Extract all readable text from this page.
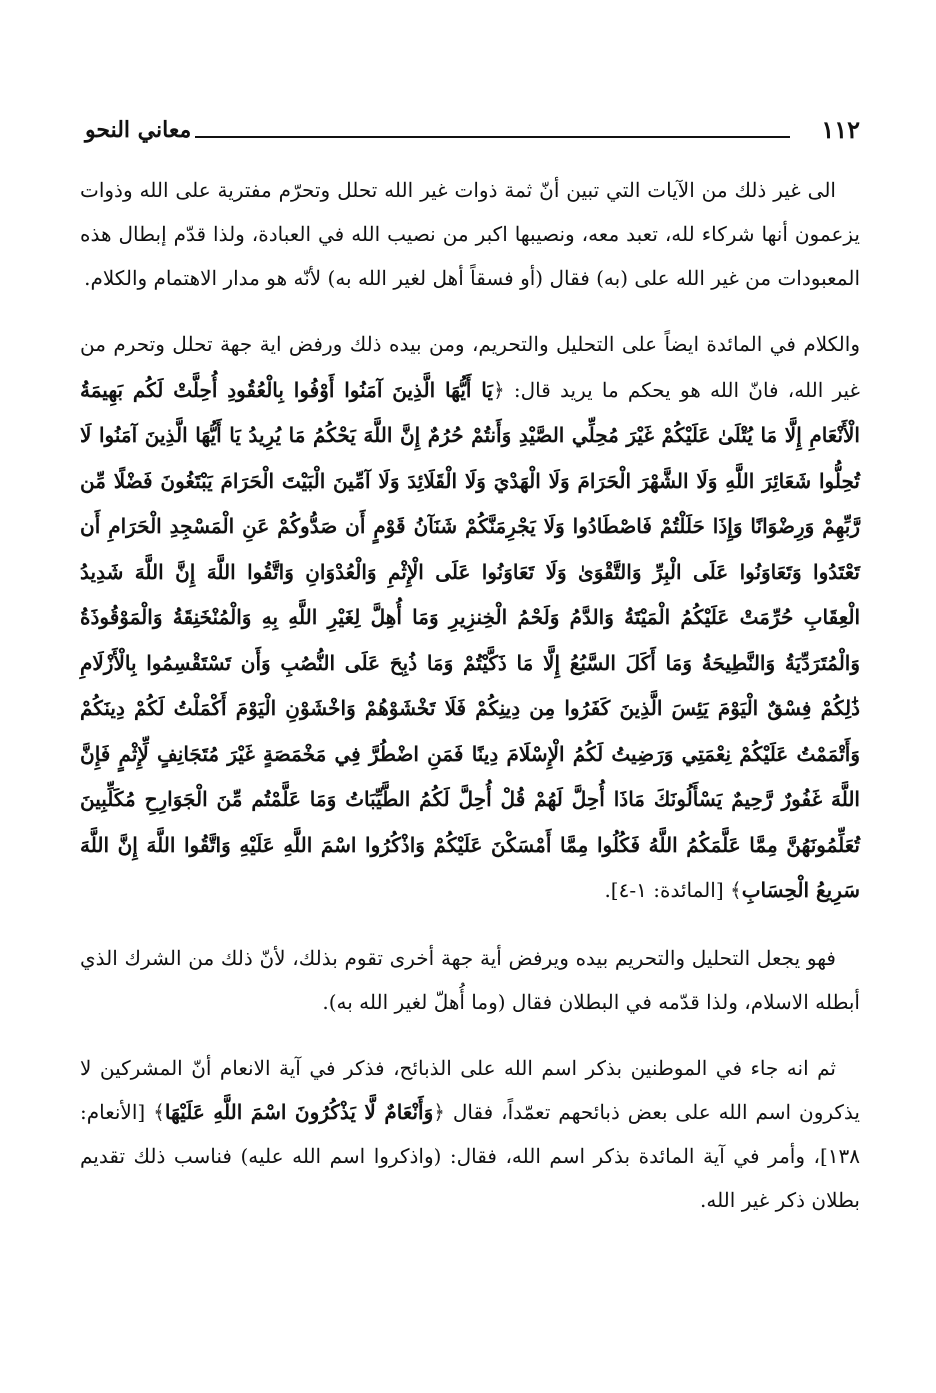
١١٢
معاني النحو

الى غير ذلك من الآيات التي تبين أنّ ثمة ذوات غير الله تحلل وتحرّم مفترية على الله وذوات يزعمون أنها شركاء لله، تعبد معه، ونصيبها اكبر من نصيب الله في العبادة، ولذا قدّم إبطال هذه المعبودات من غير الله على (به) فقال (أو فسقاً أهل لغير الله به) لأنّه هو مدار الاهتمام والكلام.

والكلام في المائدة ايضاً على التحليل والتحريم، ومن بيده ذلك ورفض اية جهة تحلل وتحرم من غير الله، فانّ الله هو يحكم ما يريد قال: ﴿يَا أَيُّهَا الَّذِينَ آمَنُوا أَوْفُوا بِالْعُقُودِ أُحِلَّتْ لَكُم بَهِيمَةُ الْأَنْعَامِ إِلَّا مَا يُتْلَىٰ عَلَيْكُمْ غَيْرَ مُحِلِّي الصَّيْدِ وَأَنتُمْ حُرُمٌ إِنَّ اللَّهَ يَحْكُمُ مَا يُرِيدُ يَا أَيُّهَا الَّذِينَ آمَنُوا لَا تُحِلُّوا شَعَائِرَ اللَّهِ وَلَا الشَّهْرَ الْحَرَامَ وَلَا الْهَدْيَ وَلَا الْقَلَائِدَ وَلَا آمِّينَ الْبَيْتَ الْحَرَامَ يَبْتَغُونَ فَضْلًا مِّن رَّبِّهِمْ وَرِضْوَانًا وَإِذَا حَلَلْتُمْ فَاصْطَادُوا وَلَا يَجْرِمَنَّكُمْ شَنَآنُ قَوْمٍ أَن صَدُّوكُمْ عَنِ الْمَسْجِدِ الْحَرَامِ أَن تَعْتَدُوا وَتَعَاوَنُوا عَلَى الْبِرِّ وَالتَّقْوَىٰ وَلَا تَعَاوَنُوا عَلَى الْإِثْمِ وَالْعُدْوَانِ وَاتَّقُوا اللَّهَ إِنَّ اللَّهَ شَدِيدُ الْعِقَابِ حُرِّمَتْ عَلَيْكُمُ الْمَيْتَةُ وَالدَّمُ وَلَحْمُ الْخِنزِيرِ وَمَا أُهِلَّ لِغَيْرِ اللَّهِ بِهِ وَالْمُنْخَنِقَةُ وَالْمَوْقُوذَةُ وَالْمُتَرَدِّيَةُ وَالنَّطِيحَةُ وَمَا أَكَلَ السَّبُعُ إِلَّا مَا ذَكَّيْتُمْ وَمَا ذُبِحَ عَلَى النُّصُبِ وَأَن تَسْتَقْسِمُوا بِالْأَزْلَامِ ذَٰلِكُمْ فِسْقٌ الْيَوْمَ يَئِسَ الَّذِينَ كَفَرُوا مِن دِينِكُمْ فَلَا تَخْشَوْهُمْ وَاخْشَوْنِ الْيَوْمَ أَكْمَلْتُ لَكُمْ دِينَكُمْ وَأَتْمَمْتُ عَلَيْكُمْ نِعْمَتِي وَرَضِيتُ لَكُمُ الْإِسْلَامَ دِينًا فَمَنِ اضْطُرَّ فِي مَخْمَصَةٍ غَيْرَ مُتَجَانِفٍ لِّإِثْمٍ فَإِنَّ اللَّهَ غَفُورٌ رَّحِيمٌ يَسْأَلُونَكَ مَاذَا أُحِلَّ لَهُمْ قُلْ أُحِلَّ لَكُمُ الطَّيِّبَاتُ وَمَا عَلَّمْتُم مِّنَ الْجَوَارِحِ مُكَلِّبِينَ تُعَلِّمُونَهُنَّ مِمَّا عَلَّمَكُمُ اللَّهُ فَكُلُوا مِمَّا أَمْسَكْنَ عَلَيْكُمْ وَاذْكُرُوا اسْمَ اللَّهِ عَلَيْهِ وَاتَّقُوا اللَّهَ إِنَّ اللَّهَ سَرِيعُ الْحِسَابِ﴾ [المائدة: ١-٤].

فهو يجعل التحليل والتحريم بيده ويرفض أية جهة أخرى تقوم بذلك، لأنّ ذلك من الشرك الذي أبطله الاسلام، ولذا قدّمه في البطلان فقال (وما أُهلّ لغير الله به).

ثم انه جاء في الموطنين بذكر اسم الله على الذبائح، فذكر في آية الانعام أنّ المشركين لا يذكرون اسم الله على بعض ذبائحهم تعمّداً، فقال ﴿وَأَنْعَامٌ لَّا يَذْكُرُونَ اسْمَ اللَّهِ عَلَيْهَا﴾ [الأنعام: ١٣٨]، وأمر في آية المائدة بذكر اسم الله، فقال: (واذكروا اسم الله عليه) فناسب ذلك تقديم بطلان ذكر غير الله.
